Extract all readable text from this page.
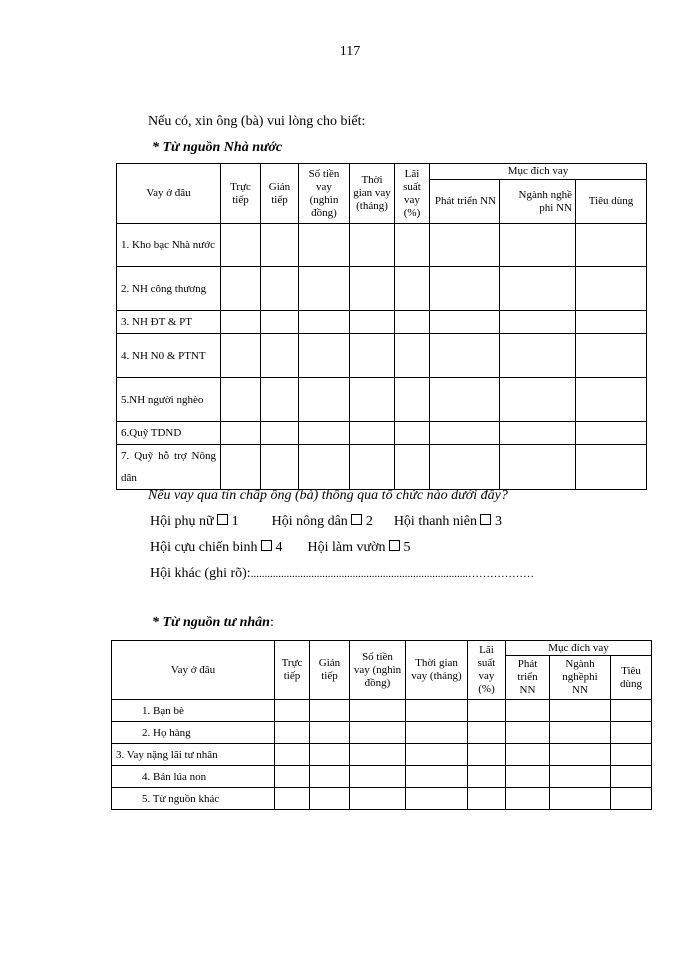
117
Nếu có, xin ông (bà) vui lòng cho biết:
* Từ nguồn Nhà nước
Vay ở đâu	Trực tiếp	Gián tiếp	Số tiền vay (nghìn đồng)	Thời gian vay (tháng)	Lãi suất vay (%)	Mục đích vay		
						Phát triển NN	Ngành nghề phi NN	Tiêu dùng
1. Kho bạc Nhà nước								
2. NH công thương								
3. NH ĐT & PT								
4. NH N0 & PTNT								
5.NH người nghèo								
6.Quỹ TDND								
7. Quỹ hỗ trợ Nông dân								
Nếu vay qua tín chấp ông (bà) thông qua tổ chức nào dưới đây?
Hội phụ nữ 1 Hội nông dân 2 Hội thanh niên 3
Hội cựu chiến binh 4 Hội làm vườn 5
Hội khác (ghi rõ):...............................................................................………………
* Từ nguồn tư nhân:
Vay ở đâu	Trực tiếp	Gián tiếp	Số tiền vay (nghìn đồng)	Thời gian vay (tháng)	Lãi suất vay (%)	Mục đích vay		
						Phát triển NN	Ngành nghềphi NN	Tiêu dùng
1. Bạn bè								
2. Họ hàng								
3. Vay nặng lãi tư nhân								
4. Bán lúa non								
5. Từ nguồn khác								
